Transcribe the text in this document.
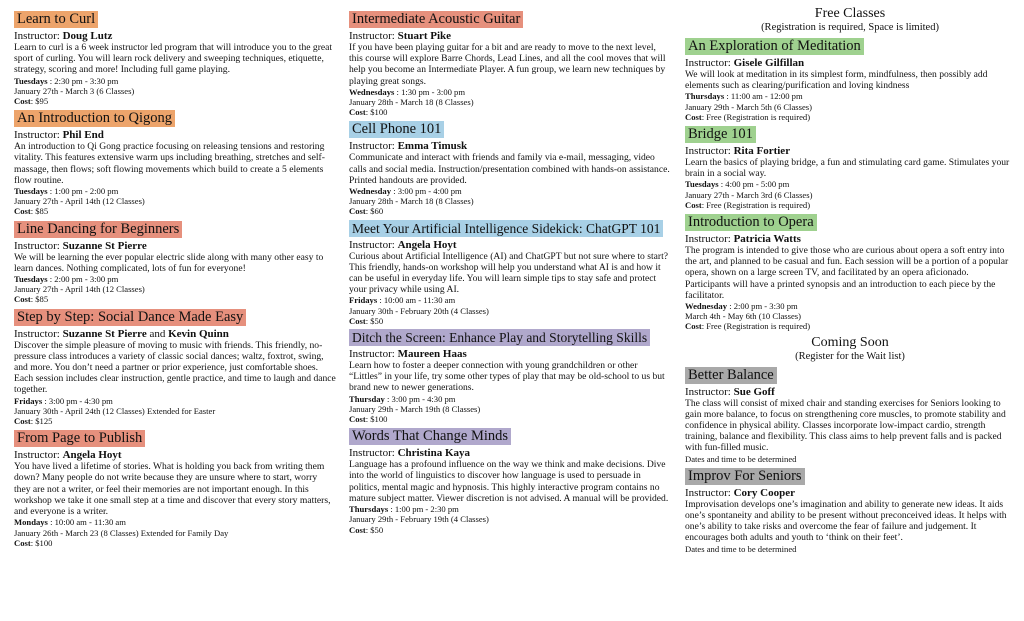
Learn to Curl
Instructor: Doug Lutz
Learn to curl is a 6 week instructor led program that will introduce you to the great sport of curling. You will learn rock delivery and sweeping techniques, etiquette, strategy, scoring and more! Including full game playing.
Tuesdays : 2:30 pm - 3:30 pm
January 27th - March 3 (6 Classes)
Cost: $95
An Introduction to Qigong
Instructor: Phil End
An introduction to Qi Gong practice focusing on releasing tensions and restoring vitality. This features extensive warm ups including breathing, stretches and self-massage, then flows; soft flowing movements which build to create a 5 elements flow routine.
Tuesdays : 1:00 pm - 2:00 pm
January 27th - April 14th (12 Classes)
Cost: $85
Line Dancing for Beginners
Instructor: Suzanne St Pierre
We will be learning the ever popular electric slide along with many other easy to learn dances. Nothing complicated, lots of fun for everyone!
Tuesdays : 2:00 pm - 3:00 pm
January 27th - April 14th (12 Classes)
Cost: $85
Step by Step: Social Dance Made Easy
Instructor: Suzanne St Pierre and Kevin Quinn
Discover the simple pleasure of moving to music with friends. This friendly, no-pressure class introduces a variety of classic social dances; waltz, foxtrot, swing, and more. You don’t need a partner or prior experience, just comfortable shoes. Each session includes clear instruction, gentle practice, and time to laugh and dance together.
Fridays : 3:00 pm - 4:30 pm
January 30th - April 24th (12 Classes) Extended for Easter
Cost: $125
From Page to Publish
Instructor: Angela Hoyt
You have lived a lifetime of stories. What is holding you back from writing them down? Many people do not write because they are unsure where to start, worry they are not a writer, or feel their memories are not important enough. In this workshop we take it one small step at a time and discover that every story matters, and everyone is a writer.
Mondays : 10:00 am - 11:30 am
January 26th - March 23 (8 Classes) Extended for Family Day
Cost: $100
Intermediate Acoustic Guitar
Instructor: Stuart Pike
If you have been playing guitar for a bit and are ready to move to the next level, this course will explore Barre Chords, Lead Lines, and all the cool moves that will help you become an Intermediate Player. A fun group, we learn new techniques by playing great songs.
Wednesdays : 1:30 pm - 3:00 pm
January 28th - March 18 (8 Classes)
Cost: $100
Cell Phone 101
Instructor: Emma Timusk
Communicate and interact with friends and family via e-mail, messaging, video calls and social media. Instruction/presentation combined with hands-on assistance. Printed handouts are provided.
Wednesday : 3:00 pm - 4:00 pm
January 28th - March 18 (8 Classes)
Cost: $60
Meet Your Artificial Intelligence Sidekick: ChatGPT 101
Instructor: Angela Hoyt
Curious about Artificial Intelligence (AI) and ChatGPT but not sure where to start? This friendly, hands-on workshop will help you understand what AI is and how it can be useful in everyday life. You will learn simple tips to stay safe and protect your privacy while using AI.
Fridays : 10:00 am - 11:30 am
January 30th - February 20th (4 Classes)
Cost: $50
Ditch the Screen: Enhance Play and Storytelling Skills
Instructor: Maureen Haas
Learn how to foster a deeper connection with young grandchildren or other “Littles” in your life, try some other types of play that may be old-school to us but brand new to newer generations.
Thursday : 3:00 pm - 4:30 pm
January 29th - March 19th (8 Classes)
Cost: $100
Words That Change Minds
Instructor: Christina Kaya
Language has a profound influence on the way we think and make decisions. Dive into the world of linguistics to discover how language is used to persuade in politics, mental magic and hypnosis. This highly interactive program contains no mature subject matter. Viewer discretion is not advised. A manual will be provided.
Thursdays : 1:00 pm - 2:30 pm
January 29th - February 19th (4 Classes)
Cost: $50
Free Classes
(Registration is required, Space is limited)
An Exploration of Meditation
Instructor: Gisele Gilfillan
We will look at meditation in its simplest form, mindfulness, then possibly add elements such as clearing/purification and loving kindness
Thursdays : 11:00 am - 12:00 pm
January 29th - March 5th (6 Classes)
Cost: Free (Registration is required)
Bridge 101
Instructor: Rita Fortier
Learn the basics of playing bridge, a fun and stimulating card game. Stimulates your brain in a social way.
Tuesdays : 4:00 pm - 5:00 pm
January 27th - March 3rd (6 Classes)
Cost: Free (Registration is required)
Introduction to Opera
Instructor: Patricia Watts
The program is intended to give those who are curious about opera a soft entry into the art, and planned to be casual and fun. Each session will be a portion of a popular opera, shown on a large screen TV, and facilitated by an opera aficionado. Participants will have a printed synopsis and an introduction to each piece by the facilitator.
Wednesday : 2:00 pm - 3:30 pm
March 4th - May 6th (10 Classes)
Cost: Free (Registration is required)
Coming Soon
(Register for the Wait list)
Better Balance
Instructor: Sue Goff
The class will consist of mixed chair and standing exercises for Seniors looking to gain more balance, to focus on strengthening core muscles, to promote stability and confidence in physical ability. Classes incorporate low-impact cardio, strength training, balance and flexibility. This class aims to help prevent falls and is packed with fun-filled music.
Dates and time to be determined
Improv For Seniors
Instructor: Cory Cooper
Improvisation develops one’s imagination and ability to generate new ideas. It aids one’s spontaneity and ability to be present without preconceived ideas. It helps with one’s ability to take risks and overcome the fear of failure and judgement. It encourages both adults and youth to ‘think on their feet’.
Dates and time to be determined
